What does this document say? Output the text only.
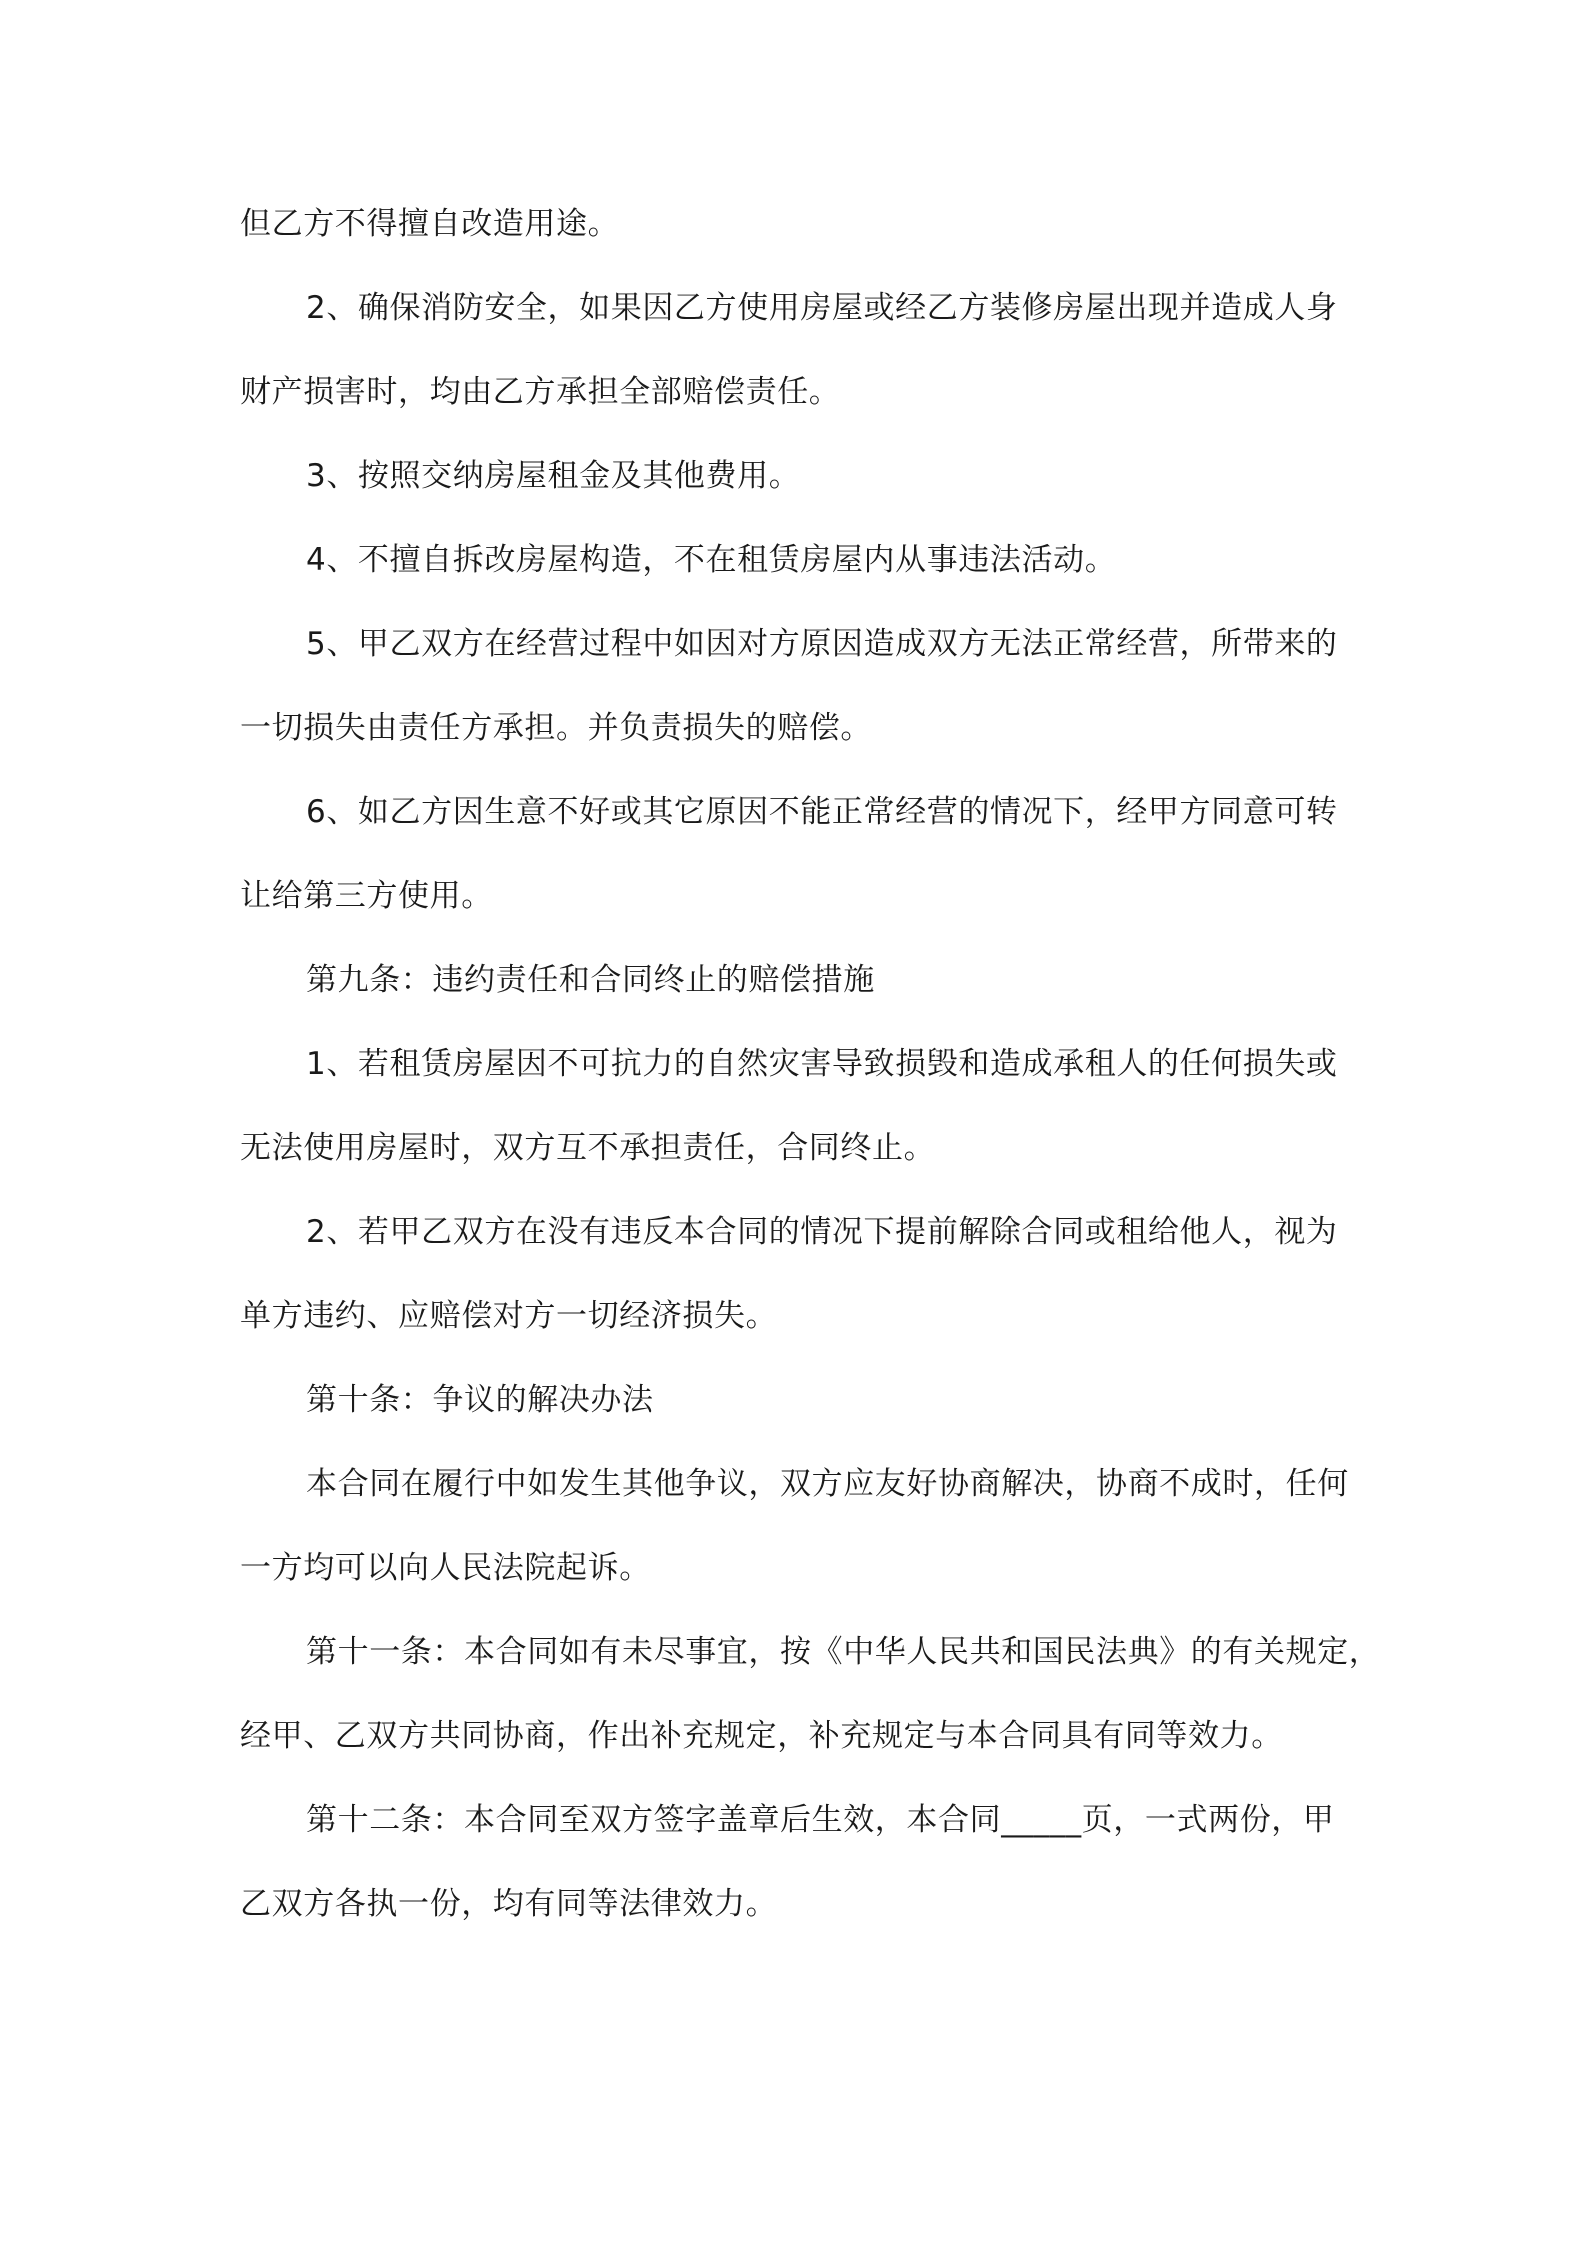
但乙方不得擅自改造用途。
2、确保消防安全，如果因乙方使用房屋或经乙方装修房屋出现并造成人身
财产损害时，均由乙方承担全部赔偿责任。
3、按照交纳房屋租金及其他费用。
4、不擅自拆改房屋构造，不在租赁房屋内从事违法活动。
5、甲乙双方在经营过程中如因对方原因造成双方无法正常经营，所带来的
一切损失由责任方承担。并负责损失的赔偿。
6、如乙方因生意不好或其它原因不能正常经营的情况下，经甲方同意可转
让给第三方使用。
第九条：违约责任和合同终止的赔偿措施
1、若租赁房屋因不可抗力的自然灾害导致损毁和造成承租人的任何损失或
无法使用房屋时，双方互不承担责任，合同终止。
2、若甲乙双方在没有违反本合同的情况下提前解除合同或租给他人，视为
单方违约、应赔偿对方一切经济损失。
第十条：争议的解决办法
本合同在履行中如发生其他争议，双方应友好协商解决，协商不成时，任何
一方均可以向人民法院起诉。
第十一条：本合同如有未尽事宜，按《中华人民共和国民法典》的有关规定，
经甲、乙双方共同协商，作出补充规定，补充规定与本合同具有同等效力。
第十二条：本合同至双方签字盖章后生效，本合同_____页，一式两份，甲
乙双方各执一份，均有同等法律效力。
